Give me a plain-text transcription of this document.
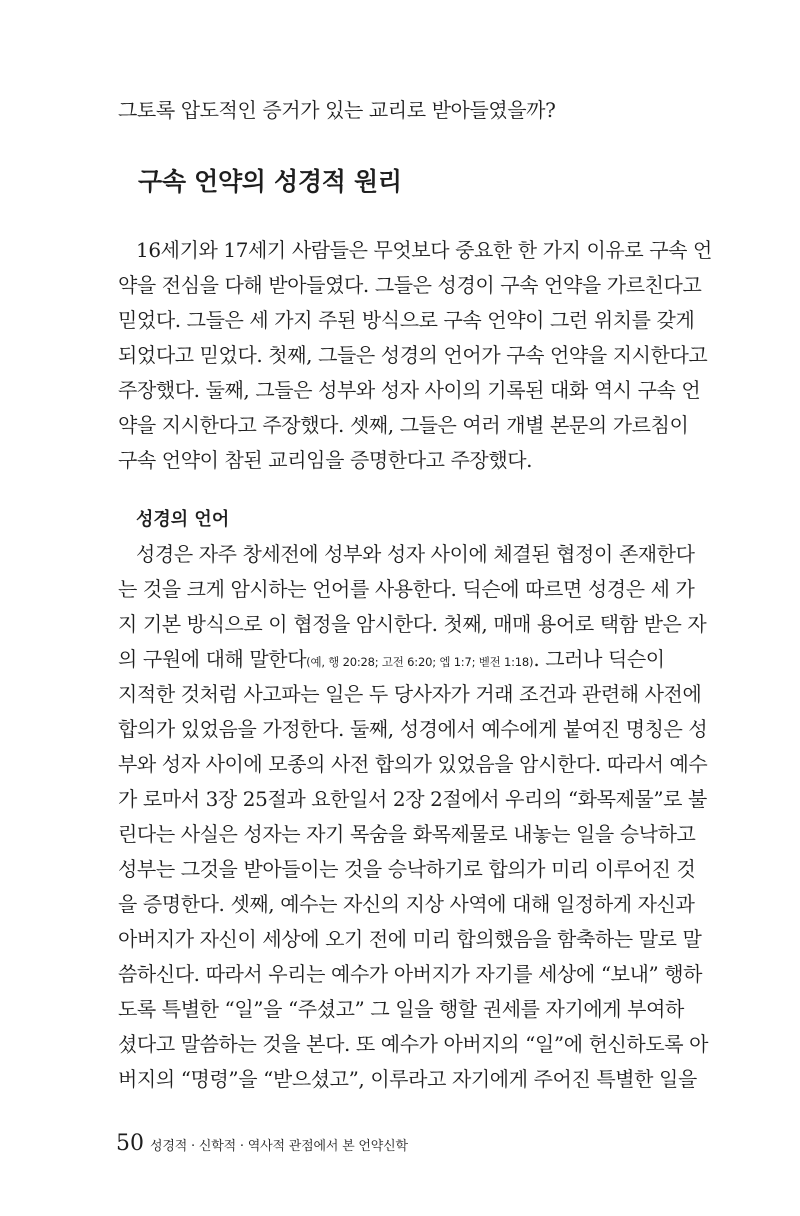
그토록 압도적인 증거가 있는 교리로 받아들였을까?
구속 언약의 성경적 원리
16세기와 17세기 사람들은 무엇보다 중요한 한 가지 이유로 구속 언
약을 전심을 다해 받아들였다. 그들은 성경이 구속 언약을 가르친다고
믿었다. 그들은 세 가지 주된 방식으로 구속 언약이 그런 위치를 갖게
되었다고 믿었다. 첫째, 그들은 성경의 언어가 구속 언약을 지시한다고
주장했다. 둘째, 그들은 성부와 성자 사이의 기록된 대화 역시 구속 언
약을 지시한다고 주장했다. 셋째, 그들은 여러 개별 본문의 가르침이
구속 언약이 참된 교리임을 증명한다고 주장했다.
성경의 언어
성경은 자주 창세전에 성부와 성자 사이에 체결된 협정이 존재한다
는 것을 크게 암시하는 언어를 사용한다. 딕슨에 따르면 성경은 세 가
지 기본 방식으로 이 협정을 암시한다. 첫째, 매매 용어로 택함 받은 자
의 구원에 대해 말한다(예, 행 20:28; 고전 6:20; 엡 1:7; 벧전 1:18). 그러나 딕슨이
지적한 것처럼 사고파는 일은 두 당사자가 거래 조건과 관련해 사전에
합의가 있었음을 가정한다. 둘째, 성경에서 예수에게 붙여진 명칭은 성
부와 성자 사이에 모종의 사전 합의가 있었음을 암시한다. 따라서 예수
가 로마서 3장 25절과 요한일서 2장 2절에서 우리의 “화목제물”로 불
린다는 사실은 성자는 자기 목숨을 화목제물로 내놓는 일을 승낙하고
성부는 그것을 받아들이는 것을 승낙하기로 합의가 미리 이루어진 것
을 증명한다. 셋째, 예수는 자신의 지상 사역에 대해 일정하게 자신과
아버지가 자신이 세상에 오기 전에 미리 합의했음을 함축하는 말로 말
씀하신다. 따라서 우리는 예수가 아버지가 자기를 세상에 “보내” 행하
도록 특별한 “일”을 “주셨고” 그 일을 행할 권세를 자기에게 부여하
셨다고 말씀하는 것을 본다. 또 예수가 아버지의 “일”에 헌신하도록 아
버지의 “명령”을 “받으셨고”, 이루라고 자기에게 주어진 특별한 일을
50 성경적 · 신학적 · 역사적 관점에서 본 언약신학
